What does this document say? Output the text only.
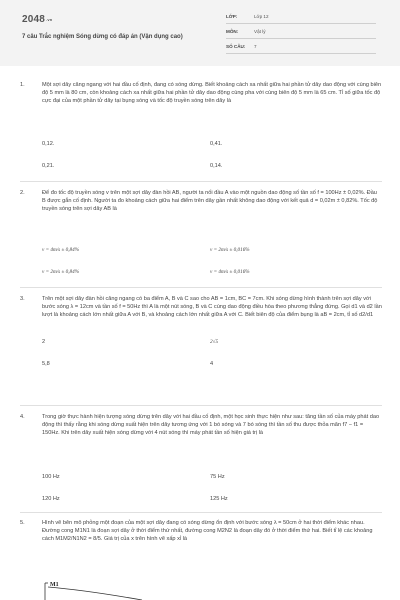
2048.vn
7 câu Trắc nghiệm Sóng dừng có đáp án (Vận dụng cao)
LỚP:	Lớp 12
MÔN:	Vật lý
SỐ CÂU: 7
1.	Một sợi dây căng ngang với hai đầu cố định, đang có sóng dừng. Biết khoảng cách xa nhất giữa hai phần tử dây dao động với cùng biên độ 5 mm là 80 cm, còn khoảng cách xa nhất giữa hai phần tử dây dao động cùng pha với cùng biên độ 5 mm là 65 cm. Tỉ số giữa tốc độ cực đại của một phần tử dây tại bụng sóng và tốc độ truyền sóng trên dây là
0,12.	0,41.
0,21.	0,14.
2.	Để đo tốc độ truyền sóng v trên một sợi dây đàn hồi AB, người ta nối đầu A vào một nguồn dao động số tần số f = 100Hz ± 0,02%. Đầu B được gắn cố định. Người ta đo khoảng cách giữa hai điểm trên dây gần nhất không dao động với kết quả d = 0,02m ± 0,82%. Tốc độ truyền sóng trên sợi dây AB là
v = 4m/s ± 0,84%	v = 2m/s ± 0,016%
v = 2m/s ± 0,84%	v = 4m/s ± 0,016%
3.	Trên một sợi dây đàn hồi căng ngang có ba điểm A, B và C sao cho AB = 1cm, BC = 7cm. Khi sóng dừng hình thành trên sợi dây với bước sóng λ = 12cm và tần số f = 50Hz thì A là một nút sóng, B và C cùng dao động điều hòa theo phương thẳng đứng. Gọi d1 và d2 lần lượt là khoảng cách lớn nhất giữa A với B, và khoảng cách lớn nhất giữa A với C. Biết biên độ của điểm bụng là aB = 2cm, tỉ số d2/d1
2	2√5
5,8	4
4.	Trong giờ thực hành hiện tượng sóng dừng trên dây với hai đầu cố định, một học sinh thực hiện như sau: tăng tần số của máy phát dao động thì thấy rằng khi sóng dừng xuất hiện trên dây tương ứng với 1 bó sóng và 7 bó sóng thì tần số thu được thỏa mãn f7 − f1 = 150Hz. Khi trên dây xuất hiện sóng dừng với 4 nút sóng thì máy phát tần số hiện giá trị là
100 Hz	75 Hz
120 Hz	125 Hz
5.	Hình vẽ bên mô phỏng một đoạn của một sợi dây đang có sóng dừng ổn định với bước sóng λ = 50cm ở hai thời điểm khác nhau. Đường cong M1N1 là đoạn sợi dây ở thời điểm thứ nhất, đường cong M2N2 là đoạn dây đó ở thời điểm thứ hai. Biết tỉ lệ các khoảng cách M1M2/N1N2 = 8/5. Giá trị của x trên hình vẽ xấp xỉ là
M1
